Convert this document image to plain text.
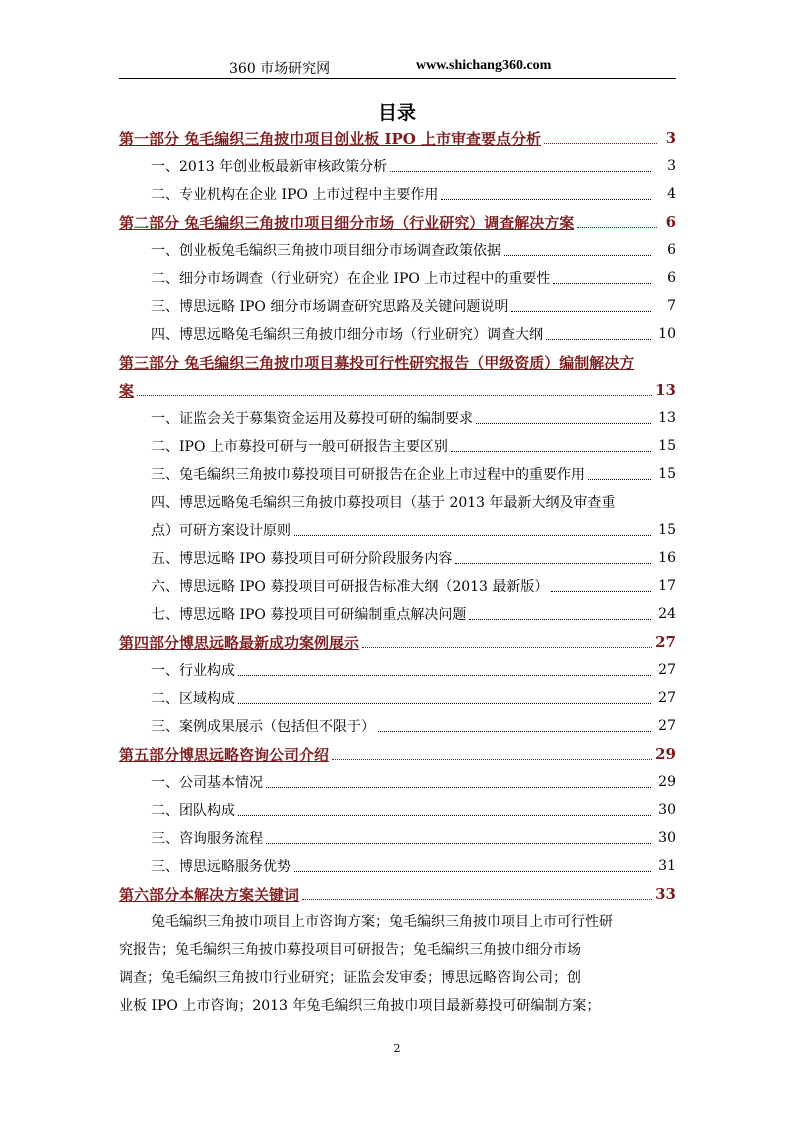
360 市场研究网	www.shichang360.com
目录
第一部分 兔毛编织三角披巾项目创业板 IPO 上市审查要点分析	3
一、2013 年创业板最新审核政策分析	3
二、专业机构在企业 IPO 上市过程中主要作用	4
第二部分 兔毛编织三角披巾项目细分市场（行业研究）调查解决方案	6
一、创业板兔毛编织三角披巾项目细分市场调查政策依据	6
二、细分市场调查（行业研究）在企业 IPO 上市过程中的重要性	6
三、博思远略 IPO 细分市场调查研究思路及关键问题说明	7
四、博思远略兔毛编织三角披巾细分市场（行业研究）调查大纲	10
第三部分 兔毛编织三角披巾项目募投可行性研究报告（甲级资质）编制解决方
案	13
一、证监会关于募集资金运用及募投可研的编制要求	13
二、IPO 上市募投可研与一般可研报告主要区别	15
三、兔毛编织三角披巾募投项目可研报告在企业上市过程中的重要作用	15
四、博思远略兔毛编织三角披巾募投项目（基于 2013 年最新大纲及审查重
点）可研方案设计原则	15
五、博思远略 IPO 募投项目可研分阶段服务内容	16
六、博思远略 IPO 募投项目可研报告标准大纲（2013 最新版）	17
七、博思远略 IPO 募投项目可研编制重点解决问题	24
第四部分博思远略最新成功案例展示	27
一、行业构成	27
二、区域构成	27
三、案例成果展示（包括但不限于）	27
第五部分博思远略咨询公司介绍	29
一、公司基本情况	29
二、团队构成	30
三、咨询服务流程	30
三、博思远略服务优势	31
第六部分本解决方案关键词	33

兔毛编织三角披巾项目上市咨询方案；兔毛编织三角披巾项目上市可行性研

究报告；兔毛编织三角披巾募投项目可研报告；兔毛编织三角披巾细分市场

调查；兔毛编织三角披巾行业研究；证监会发审委；博思远略咨询公司；创

业板 IPO 上市咨询；2013 年兔毛编织三角披巾项目最新募投可研编制方案；

2
